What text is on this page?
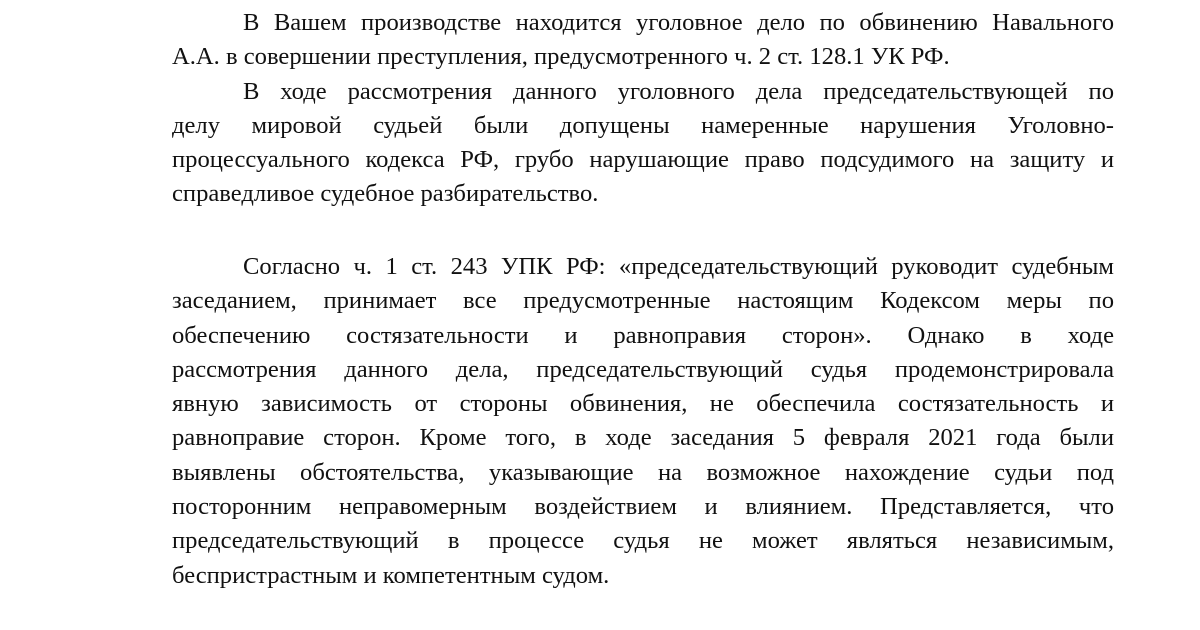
В Вашем производстве находится уголовное дело по обвинению Навального
А.А. в совершении преступления, предусмотренного ч. 2 ст. 128.1 УК РФ.
В ходе рассмотрения данного уголовного дела председательствующей по
делу мировой судьей были допущены намеренные нарушения Уголовно-
процессуального кодекса РФ, грубо нарушающие право подсудимого на защиту и
справедливое судебное разбирательство.
Согласно ч. 1 ст. 243 УПК РФ: «председательствующий руководит судебным
заседанием, принимает все предусмотренные настоящим Кодексом меры по
обеспечению состязательности и равноправия сторон». Однако в ходе
рассмотрения данного дела, председательствующий судья продемонстрировала
явную зависимость от стороны обвинения, не обеспечила состязательность и
равноправие сторон. Кроме того, в ходе заседания 5 февраля 2021 года были
выявлены обстоятельства, указывающие на возможное нахождение судьи под
посторонним неправомерным воздействием и влиянием. Представляется, что
председательствующий в процессе судья не может являться независимым,
беспристрастным и компетентным судом.
